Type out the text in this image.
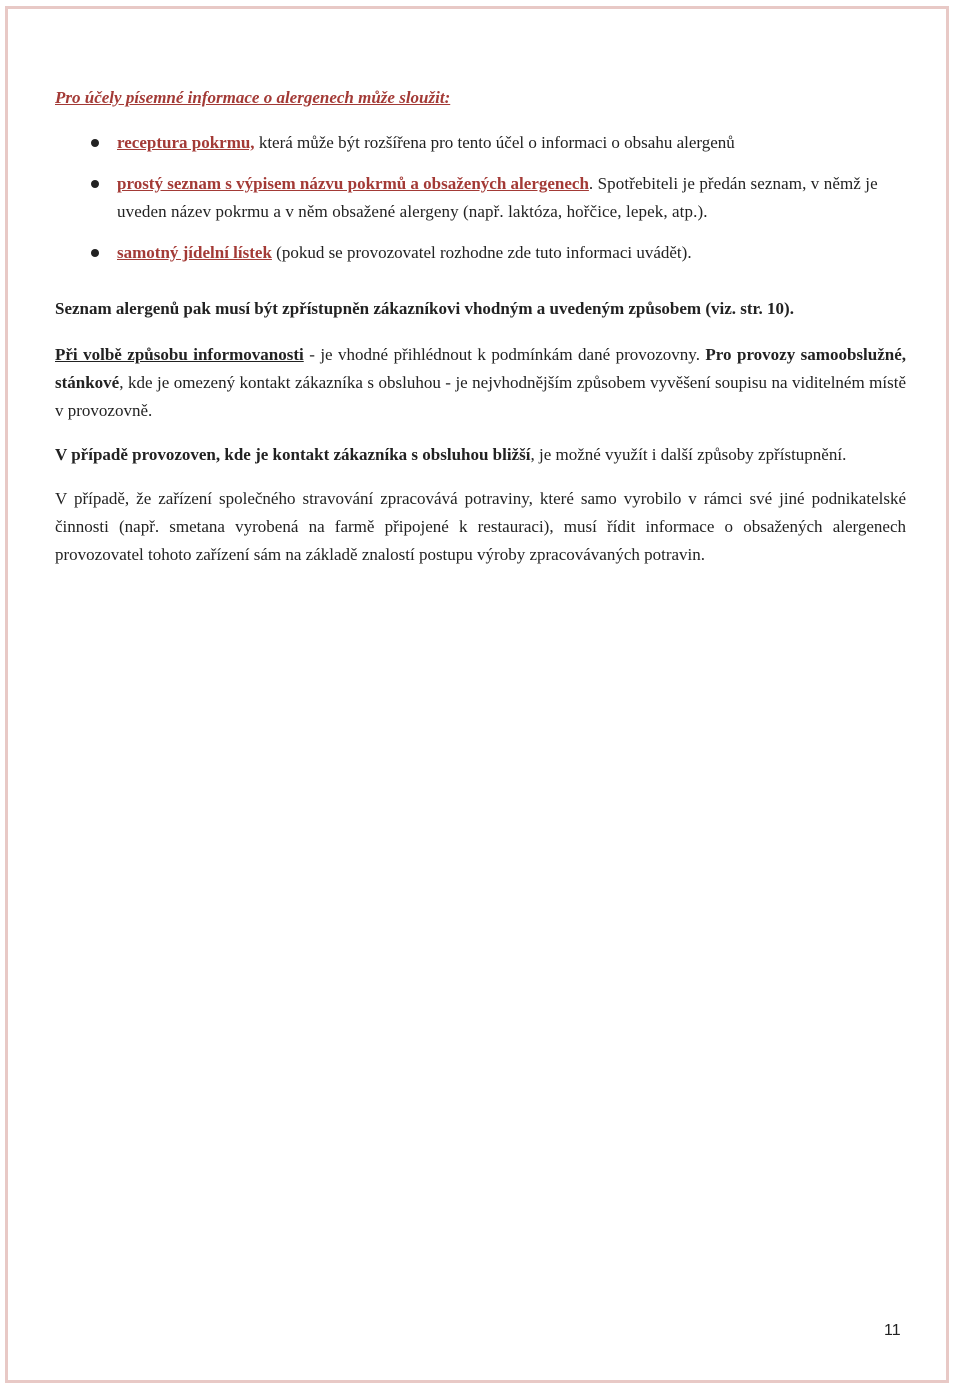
Pro účely písemné informace o alergenech může sloužit:

receptura pokrmu, která může být rozšířena pro tento účel o informaci o obsahu alergenů
prostý seznam s výpisem názvu pokrmů a obsažených alergenech. Spotřebiteli je předán seznam, v němž je uveden název pokrmu a v něm obsažené alergeny (např. laktóza, hořčice, lepek, atp.).
samotný jídelní lístek (pokud se provozovatel rozhodne zde tuto informaci uvádět).

Seznam alergenů pak musí být zpřístupněn zákazníkovi vhodným a uvedeným způsobem (viz. str. 10).

Při volbě způsobu informovanosti - je vhodné přihlédnout k podmínkám dané provozovny. Pro provozy samoobslužné, stánkové, kde je omezený kontakt zákazníka s obsluhou - je nejvhodnějším způsobem vyvěšení soupisu na viditelném místě v provozovně.

V případě provozoven, kde je kontakt zákazníka s obsluhou bližší, je možné využít i další způsoby zpřístupnění.

V případě, že zařízení společného stravování zpracovává potraviny, které samo vyrobilo v rámci své jiné podnikatelské činnosti (např. smetana vyrobená na farmě připojené k restauraci), musí řídit informace o obsažených alergenech provozovatel tohoto zařízení sám na základě znalostí postupu výroby zpracovávaných potravin.

11
